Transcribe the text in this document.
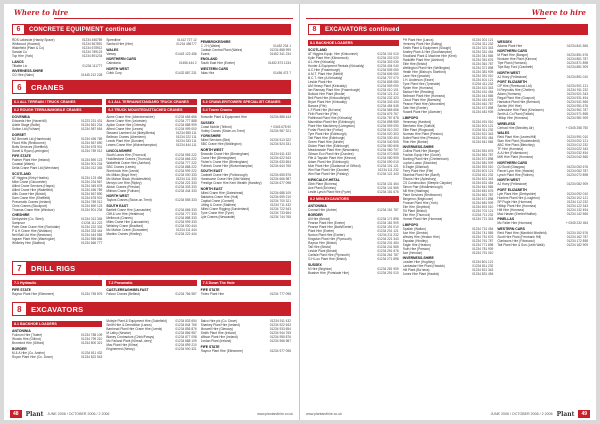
Where to hire
6	CONCRETE EQUIPMENT continued
RDS Lakeside (Handy Space)	01234 456789
Whitwood (Howard)	01234 567891
Wakefield (Plant & Co)	01234 678912
Sandal Co	01234 789123
Top Hire (York)	01234 891234
LANCS
Tiltable Ltd	01234 111777
INVERNESS-SHIRE
CG Hire (Nairn)	01445 212 228
Speedline	01412 727 12
Sanford Hire (Hire)	01234 456777
WALES
Varsey	01443 123 456
NORTHERN CARS
Caledonia	01456 444 2
NORTH WEST
Cribb Corp	01432 887 231
PEMBROKESHIRE
C J H (Wales)	01452 234 1
Cadwin Central Plant (Wales)	01234 888 999
Evans	01452 341 234
ENGLAND
South East Hire (Exeter)	01452 873 1234
WESTERN CARS
Atlas Hire	01456 473 7
6	CRANES
6.1 ALL TERRAIN / TRUCK CRANES
6.2 ROUGH TERRAIN/MOBILE CRANES
DOVENBIA
Edwards Hire (Haverhill)	01223 231 431
Adele Stage (Bollin)	01234 561 234
Sutton Ltd (Fulham)	01234 987 654
DORSET
NZ Bennett Ltd (Hambrook)	01234 456 789
Flood Hills (Redbourne)	01234 567 890
Bolts Services (Sheffield)	01234 678 901
Sanel & Ryan (Lymington)	01234 789 012
FIFE STATE
Palmer Plant Hire (Ireland)	01234 890 123
Coastal (Wales)	01234 901 234
Delta Crane Plant Ltd (Wrexham)	01234 012 345
SCOTLAND
AT Higgins (Kirby Heaths)	01234 123 456
Mike Crane (Gloucester)	01234 234 567
Allied Crane Services (Hayes)	01234 345 678
Allied Crane Hire (Wakefield)	01234 456 789
Allis Crane Hire (Bristol)	01234 567 890
Sam Crane Hire (Sheffield)	01234 678 901
Pneumatic Cranes (Ireland)	01234 789 012
Chris Cranes (Stockport)	01234 890 123
Thomas Crane Hire (Windsor)	01234 901 234
CHESHIRE
Derbyshire (Co. Steel)	01234 012 345
Sampson	01234 111 222
Palm Gear Crane Hire (Rochdale)	01234 222 333
P & H Crane Hire (Wollaton)	01234 333 444
Neil Ball Ltd Hire (Newtown)	01234 444 555
Ingram Plant Hire (Warrington)	01234 555 666
Whiteley Hire (Stafford)	01234 666 777
6.1 ALL TERRAIN/STANDARD TRUCK CRANES
6.2 TRUCK MOUNTED/ATTACHED CRANES
Akme Crane Hire (Aberdeenshire)	01234 666 666
Akme Crane Hire (Leicester)	01234 777 888
Aylton Crane Hire (Grimsby)	01234 888 999
Alfred Crane Hire (Lewes)	01234 999 000
Steward Lambert Ltd (Ilkley/Berks)	01234 555 111
Bellman Cranes (Aberdeen)	01234 222 111
Leeds Plant Hire (Dundee)	01234 333 111
Lewes Crane Hire (Wolverhampton)	01234 444 111
LINCOLNSHIRE
South Lancs Hire (Thurrock)	01234 555 222
Hoddlestone Cranes (Thurrock)	01234 666 222
Wakefield Crane Hire (Ashford)	01234 777 222
SBC Cranes (Leeds)	01234 888 222
Sherbrook Hire (Leeds)	01234 999 222
Mc Millan (Boyd Hire)	01234 000 333
Mc Mahon Black (Huddersfield)	01234 111 333
Mervyn Lee Hire (Ripley)	01234 222 333
Albion Cranes (Preston)	01234 333 333
Milman Crane (Fulham)	01234 444 333
NORTH WEST
Taylors Cranes (Stoke-on-Trent)	01234 555 333
SOUTH EAST
Bartlett Crane Hire (Lancashire)	01234 666 333
Cliff & Lee Hire (Heathrow)	01234 777 333
Melbrook (Cranes)	01234 888 333
Miles Crane Hire (Lancashire)	01234 999 333
Welshey Crane (Bradford)	01234 000 444
Mc Mahon Crane (Doncaster)	01234 111 444
Martins Cranes (Hindley)	01234 222 444
6.3 CRAWLER/TOWER/ SPECIALIST CRANES
6.4 Tower Cranes
Brownlie Plant & Equipment Hire	01234 888 444
SUSSEX
Coast Mobile (Telford)	+ 0345 678 90
Hutley Cranes (Stoke-on-Trent)	01234 987 321
YORKSHIRE
Allied Services (Bird)	01234 513 322
SBC Crane Hire (Bridlington)	01234 524 331
NORTH WEST
Brownlie Crane Hire (Birmingham)	01234 611 432
Crane Hire (Birmingham)	01234 622 543
Fisher's Crane Hire (Birmingham)	01234 633 654
Fulbeck Crane Hire (Wolverhampton)	01234 644 765
SOUTH EAST
Cadwell Crane Hire (Pulborough)	01234 655 876
Handsome Crane Hire (Mid Wales)	01234 666 987
Prestige Crane Hire Kent Wealth (Handley)	01234 677 098
NORTH EAST
Allied Crane Hire (Gateshead)	01234 688 109
Baldwins Crane Hire (Hull)	01234 699 210
Capital Crane (Consett)	01234 700 321
Lifting & Crane (Staithes)	01234 711 432
Allied Crane Rigging (Sunderland)	01234 722 543
Tyne Crane Hire (Tyne)	01234 733 654
Lyle Cranes (Newcastle)	01234 744 765
7	DRILL RIGS
7.1 Hydraulic
FIFE STATE
Raynor Plant Hire (Ellesmere)	01234 755 876
7.2 Pneumatic
CASTLEREAGH/BELFAST
Falcon Cranes (Belfast)	01234 766 987
7.3 Down The Hole
FIFE STATE
Fixtec Plant Hire	01234 777 098
8	EXCAVATORS
8.1 BACKHOE LOADERS
ANTONINIA
Fulcrum Hire (Tralee)	01234 788 109
Woods Hire (Gilford)	01234 799 210
Bromford Hire (Gilford)	01234 800 321
BORDER
M & A Hire (Co. Antrim)	01234 811 432
Royce Plant Hire (Co. Down)	01234 822 543
Mubyle Plant & Equipment Hire (Dukefield)	01234 833 654
Smith Hire & Demolition (Lancs)	01234 844 765
Barrhead Plant Hire Crane Hire (Leeds)	01234 855 876
M Lathy (Newton)	01234 866 987
Blaney Contractors (Chirk/Powys)	01234 877 098
Mc Farland Plant (Kilrea/L.derry)	01234 888 109
Mac Plant Hire (Kilrea)	01234 899 210
Engineered (Newry)	01234 900 321
Balco Hire plc (Co. Down)	01234 911 432
Sharkey Plant Hire (Ireland)	01234 922 543
Morwell Hire (Glenavy)	01234 933 654
Smith Plant Hire (Ireland)	01234 944 765
Wilson Plant Hire (Ireland)	01234 955 876
Jordan Plant (Ireland)	01234 966 987
FIFE STATE
Raynor Plant Hire (Ellesmere)	01234 977 098
48	Plant JUNE 2006 / OCTOBER 2006 / 2 2006	www.plantandhire.co.uk
Where to hire
8	EXCAVATORS continued
8.1 BACKHOE LOADERS
SCOTLAND
AT Higgins Equip. Hire (Kirkconnel)	01234 101 010
Kylie Plant Hire (Kilmarnock)	01234 202 020
A.L.Hire (Kirkcaldy)	01234 303 030
Hunter & Equipment Rentals (Kirkcaldy)	01234 404 040
A.C.Hire (Fraserburgh)	01234 505 050
A.M.T. Plant Hire (Methil)	01234 606 060
B.C.T. Hire (A.Kirkcaldy)	01234 707 070
Leskie Plant Hire	01234 808 080
AM Heavy Plant (Kirkcaldy)	01234 909 090
Ian Ramsay Plant Hire (Fraserburgh)	01234 010 101
Bullock Hire Plant (Brodie)	01234 121 212
Bell Plant Hire (Kirkcudbright)	01234 232 323
Bryce Plant Hire (Kirkcaldy)	01234 343 434
Banora (Fife)	01234 454 545
L.F.Plant Hire (Bo'ness)	01234 565 656
Firth Plant Hire (Fife)	01234 676 767
Pathhead Plant Hire (Kirkcaldy)	01234 787 878
Macmillan Plant Hire (Edinburgh)	01234 898 989
Plant Hire Machinery (Livingston)	01234 909 090
Forfar Plant Hire (Forfar)	01234 010 202
Tyre Plant Hire (Edinburgh)	01234 020 303
Tait Plant Hire (Edinburgh)	01234 030 404
Green Plant Hire (Airdrie)	01234 040 505
Dicker Plant Hire (Edinburgh)	01234 050 606
Meadowside Plant Hire (Newmains)	01234 060 707
Gibson Eco Plant Hire (Dundee)	01234 070 808
Fife & Tayside Plant Hire (Kinross)	01234 080 909
Adam Plant Hire (Edinburgh)	01234 090 010
Muir Plant Hire (Gladsmuir of Gifford)	01234 101 121
Wm Rae Plant Hire (Dundee)	01234 111 232
Wm Rae Plant Hire (Paisley)	01234 121 343
KIRKCALDY-HETAL
Gibb Plant (Bo'ness)	01234 131 454
Ace Plant (Bo'ness)	01234 141 565
Leslie Lynch Plant Hire (Fyvie)	01234 151 676
8.2 MINI-EXCAVATORS
ANTONINIA
Conrad Hire (Antrim)	01234 161 787
BORDER
All Hire (Bristol)	01234 171 898
Pearse Plant Hire (Exeter)	01234 181 909
Pearse Plant Hire (Bath/Exeter)	01234 191 010
Plant Hire (Exeter)	01234 201 121
Norton Plant Hire (Exeter)	01234 211 232
Kingston Plant Hire (Plymouth)	01234 221 343
Raynor Hire (Bristol)	01234 231 454
Tall Hire (Bristol)	01234 241 565
Leskie Plant (Bristol)	01234 251 676
Carlisle Plant Hire (Plymouth)	01234 261 787
G.H.Lou Plant Hire (Bristol)	01234 271 898
SUSSEX
M Hire (Brighton)	01234 281 909
Brasher Hire (Portslade Hire)	01234 291 010
PH Plant Hire (Lancs)	01234 301 121
Hennesy Plant Hire (Ealing)	01234 311 232
Smith Plant & Equipment (Slough)	01234 321 343
Anstey Plant & Hire (Southampton)	01234 331 454
Snodland Plant & Machine Hire (Kent)	01234 341 565
Radcliffe Plant Hire (Ashford)	01234 351 676
Elite Hire (Bristol)	01234 361 787
Wellington Plant Hire (Wellington)	01234 371 898
Heath Hire (Bishop's Stortford)	01234 381 909
Lane Hire (Ipswich)	01234 391 010
J.H. Anderson (Essex)	01234 401 121
Tyne Plant Hire (Tyneside)	01234 411 232
Ryder Hire (Hornsea)	01234 421 343
Barlow Hire (Reading)	01234 431 454
Bellmont Plant Hire (Hornsea)	01234 441 565
Cloud Plant Hire (Barnsley)	01234 451 676
Pearce Plant Hire (Worcester)	01234 461 787
Tate Hire (Exeter)	01234 471 898
Ruwell Plant Hire (Alcester)	01234 481 909
LIMPOPO
Hennessy (Hanford)	01234 491 010
Blenheim Hire (Suffolk)	01234 501 121
Elite Plant (Ringwood)	01234 511 232
Norman Hire Plant (Preston)	01234 521 343
Bullet Plant Hire (Preston)	01234 531 454
Rhin Hire (Burton)	01234 541 565
INVERNESS-SHIRE
Collins Plant Hire (Bangor)	01234 551 676
Foulton Equip Hire (Goole)	01234 561 787
Bunting Plant Hire (Cheltenham)	01234 571 898
Lupton Lasso (Stockton)	01234 581 909
B Eagle (Gilstead)	01234 591 010
Ferry Plant Hire (Fife)	01234 601 121
Stumbal Plant Hire (Banff)	01234 611 232
Tilsons Hire (Aylesbury)	01234 621 343
CS Construction (Steeple Claydon)	01234 631 454
Simon Parr (Middlesbrough)	01234 641 565
AB Hire (Hastings)	01234 651 676
Plant Services (Redbourne)	01234 661 787
Bergeron (Brighouse)	01234 671 898
Prosser Plant Hire (York)	01234 681 909
Elm Hire (Deptford)	01234 691 010
Tilt Plant (Bristol)	01234 701 121
Elm Hire (Thurrock)	01234 711 232
Horner Plant Hire (Hornsea)	01234 721 343
LIMPOPO
Spalish (Walton)	01234 731 454
Ace Hire (Denton)	01234 741 565
Wesley Hire (Heaton Hire)	01234 751 676
Espalan (Hindley)	01234 761 787
Eagle Hire (Heaton)	01234 771 898
Ruth Hire (Preston)	01234 781 909
Ace (Hendon)	01234 791 010
INVERNESS-SHIRE
Leaden Hire (Hughley)	01234 801 121
Lankastar Hire Plant (Hawick)	01234 811 232
Hill Plant (Bo'ness)	01234 821 343
Jones Hire Plant (Hawick)	01234 831 454
WESSEX
Adams Plant Hire	01234 841 565
NORTHERN CARS
M Plant Hire (Bangor)	01234 851 676
Kinclare Hire Plant (Kinross)	01234 861 787
Tipe Plant (Hornsea)	01234 871 898
Tipe Bay Ford (Cranbeth)	01234 881 909
NORTH WEST
AJ Hoey (Felixstowe)	01234 891 010
PORT ELIZABETH
GP Hire (Fleetwood Ltd)	01234 901 121
N Reynolds Hire (Chelten)	01234 911 232
Adam (Hornsea)	01234 921 343
Regal Plant Hire (Gosport)	01234 931 454
Hardwick Plant Hire (Belmont)	01234 941 565
Sachin (Hiri Hire)	01234 951 676
Johnstone Hire Plant (Kinclaven)	01234 961 787
Smith & Co Plant (Falkirk)	01234 971 898
Hilltop Hire (Hornsea)	01234 981 909
WIRELESS
Cerbad Hire (Brindley Air)	+ 0345 258 750
WALES
Reid Plant Hire (Lewes/Hill)	01234 991 010
Stan Hire Plant (Huddersfield)	01234 002 121
ABC Hire Plant (Bletchley)	01234 012 232
TF Hire (Hornsea)	01234 022 343
A.A.Hire (Folkestone)	01234 032 454
MW Hire Plant (Hornsea)	01234 042 565
NORTHERN CARS
QJ Scott (Glasgow)	01234 052 676
Parcel Lyon Hire (Hawick)	01234 062 787
Lynch Plant Hire (Rothes)	01234 072 898
NORTH WEST
AJ Hoey (Felixstowe)	01234 082 909
PORT ELIZABETH
Lyle Plant Hire (Derbyshire)	01234 092 010
Hunters Plant Hire (Loughton)	01234 102 121
SP Pogle Hire (Hornsea)	01234 112 232
Hilltop Plant Hire (Hornsea)	01234 122 343
HM Hire (Hornsea)	01234 132 454
Mac Haster (Exeter/Halifax)	01234 142 565
PINELLAS
Mc Faller Hire (Hornsea)	+ 0345 232 454
WESTERN CARS
Reid Plant Hire (Manifold Mbsfield)	01234 152 676
Scott Hire Plant (Fernbank Hill)	01234 162 787
Clarksons Hire (Fibonacci)	01234 172 898
Tait Plant Hire & Son (Leith Walk)	01234 182 909
49
Plant
JUNE 2006 / OCTOBER 2006 / 2 2006
www.plantandhire.co.uk
